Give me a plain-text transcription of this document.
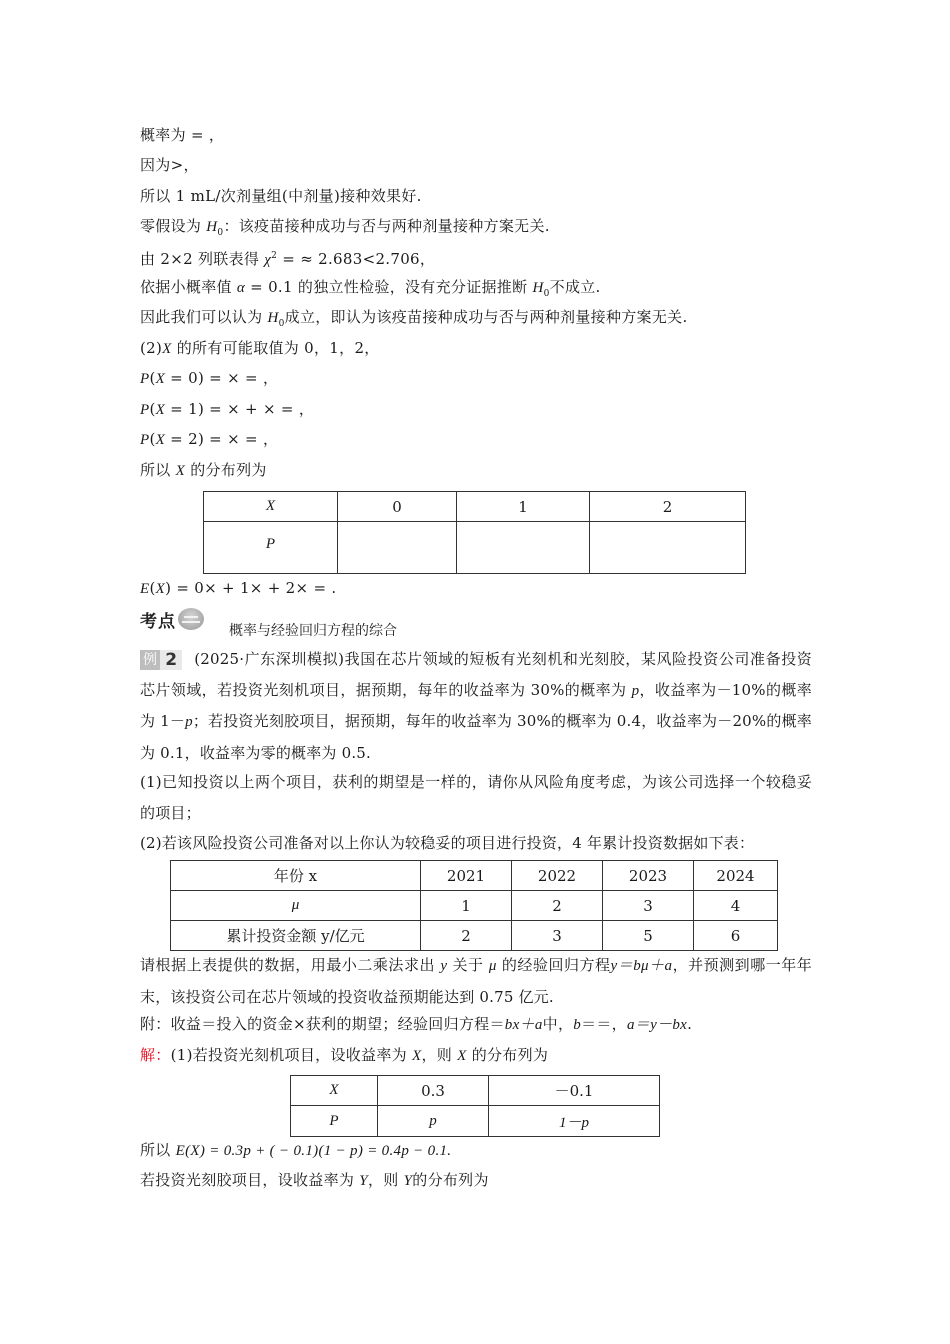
概率为 = ，
因为>，
所以 1 mL/次剂量组(中剂量)接种效果好.
零假设为 $H_0$：该疫苗接种成功与否与两种剂量接种方案无关.
由 2×2 列联表得 $\chi^2$ = ≈ 2.683<2.706，
依据小概率值 α = 0.1 的独立性检验，没有充分证据推断 $H_0$不成立.
因此我们可以认为 $H_0$成立，即认为该疫苗接种成功与否与两种剂量接种方案无关.
(2)X 的所有可能取值为 0，1，2，
P(X = 0) = × = ，
P(X = 1) = × + × = ，
P(X = 2) = × = ，
所以 X 的分布列为
X	0	1	2
P			
E(X) = 0× + 1× + 2× = .
考点	概率与经验回归方程的综合
例 2	(2025·广东深圳模拟)我国在芯片领域的短板有光刻机和光刻胶，某风险投资公司准备投资芯片领域，若投资光刻机项目，据预期，每年的收益率为 30%的概率为 p，收益率为－10%的概率为 1－p；若投资光刻胶项目，据预期，每年的收益率为 30%的概率为 0.4，收益率为－20%的概率为 0.1，收益率为零的概率为 0.5.
(1)已知投资以上两个项目，获利的期望是一样的，请你从风险角度考虑，为该公司选择一个较稳妥的项目；
(2)若该风险投资公司准备对以上你认为较稳妥的项目进行投资，4 年累计投资数据如下表：
年份 x	2021	2022	2023	2024
μ	1	2	3	4
累计投资金额 y/亿元	2	3	5	6
请根据上表提供的数据，用最小二乘法求出 y 关于 μ 的经验回归方程y＝bμ＋a，并预测到哪一年年末，该投资公司在芯片领域的投资收益预期能达到 0.75 亿元.
附：收益＝投入的资金×获利的期望；经验回归方程＝bx＋a中，b＝＝，a＝y－bx.
解：(1)若投资光刻机项目，设收益率为 X，则 X 的分布列为
X	0.3	－0.1
P	p	1－p
所以 E(X) = 0.3p + ( − 0.1)(1 − p) = 0.4p − 0.1.
若投资光刻胶项目，设收益率为 Y，则 Y的分布列为
